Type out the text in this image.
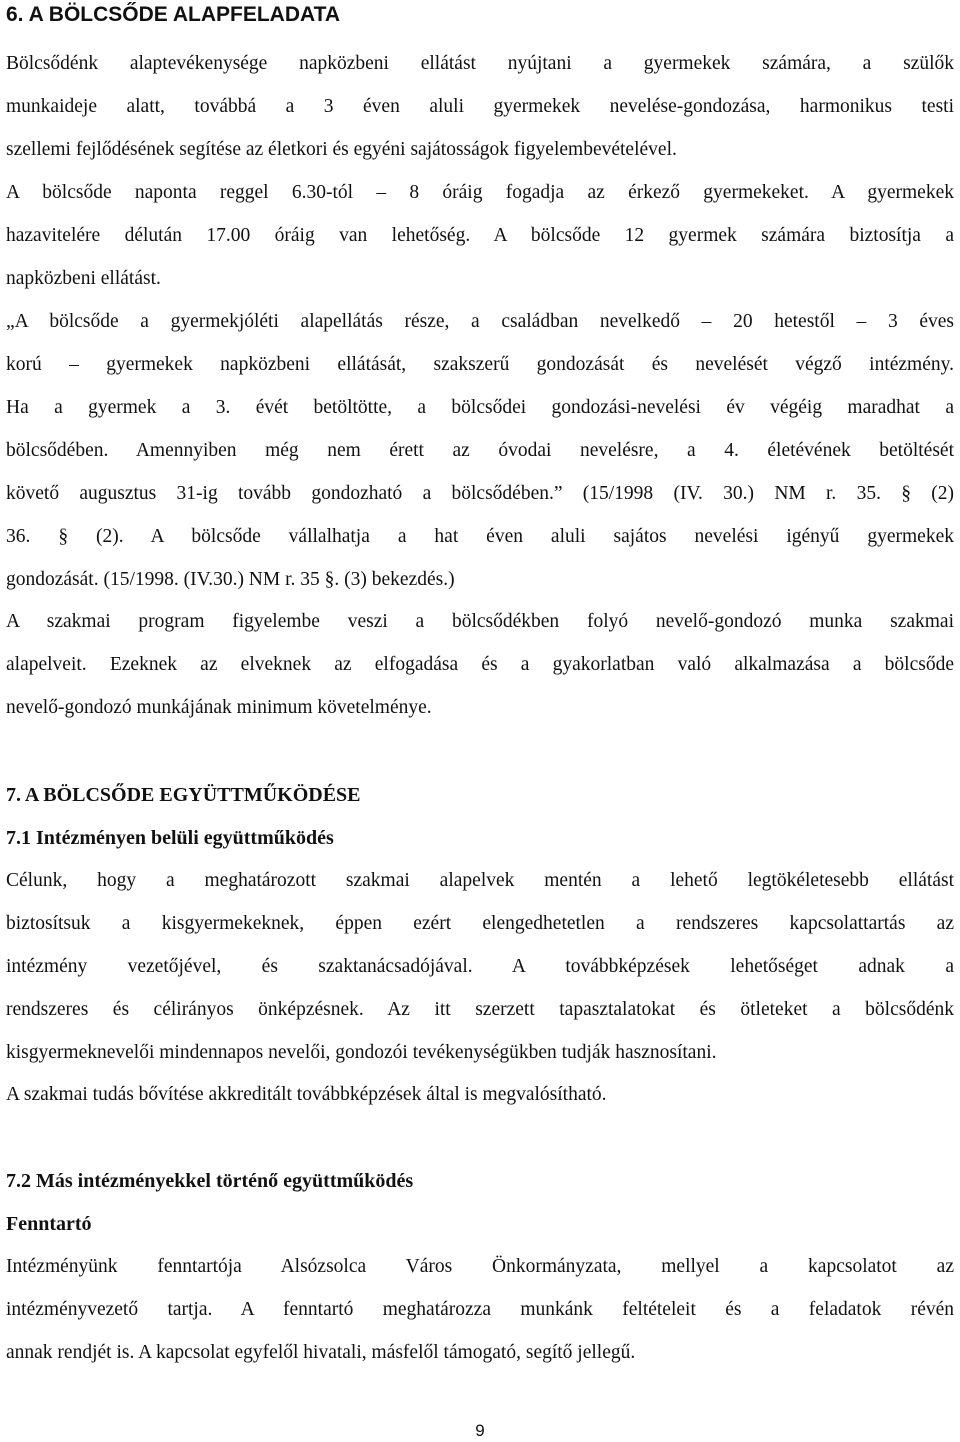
6. A BÖLCSŐDE ALAPFELADATA
Bölcsődénk alaptevékenysége napközbeni ellátást nyújtani a gyermekek számára, a szülők
munkaideje alatt, továbbá a 3 éven aluli gyermekek nevelése-gondozása, harmonikus testi
szellemi fejlődésének segítése az életkori és egyéni sajátosságok figyelembevételével.
A bölcsőde naponta reggel 6.30-tól – 8 óráig fogadja az érkező gyermekeket. A gyermekek
hazavitelére délután 17.00 óráig van lehetőség. A bölcsőde 12 gyermek számára biztosítja a
napközbeni ellátást.
„A bölcsőde a gyermekjóléti alapellátás része, a családban nevelkedő – 20 hetestől – 3 éves
korú – gyermekek napközbeni ellátását, szakszerű gondozását és nevelését végző intézmény.
Ha a gyermek a 3. évét betöltötte, a bölcsődei gondozási-nevelési év végéig maradhat a
bölcsődében. Amennyiben még nem érett az óvodai nevelésre, a 4. életévének betöltését
követő augusztus 31-ig tovább gondozható a bölcsődében.” (15/1998 (IV. 30.) NM r. 35. § (2)
36. § (2). A bölcsőde vállalhatja a hat éven aluli sajátos nevelési igényű gyermekek
gondozását. (15/1998. (IV.30.) NM r. 35 §. (3) bekezdés.)
A szakmai program figyelembe veszi a bölcsődékben folyó nevelő-gondozó munka szakmai
alapelveit. Ezeknek az elveknek az elfogadása és a gyakorlatban való alkalmazása a bölcsőde
nevelő-gondozó munkájának minimum követelménye.
7. A BÖLCSŐDE EGYÜTTMŰKÖDÉSE
7.1 Intézményen belüli együttműködés
Célunk, hogy a meghatározott szakmai alapelvek mentén a lehető legtökéletesebb ellátást
biztosítsuk a kisgyermekeknek, éppen ezért elengedhetetlen a rendszeres kapcsolattartás az
intézmény vezetőjével, és szaktanácsadójával. A továbbképzések lehetőséget adnak a
rendszeres és célirányos önképzésnek. Az itt szerzett tapasztalatokat és ötleteket a bölcsődénk
kisgyermeknevelői mindennapos nevelői, gondozói tevékenységükben tudják hasznosítani.
A szakmai tudás bővítése akkreditált továbbképzések által is megvalósítható.
7.2 Más intézményekkel történő együttműködés
Fenntartó
Intézményünk fenntartója Alsózsolca Város Önkormányzata, mellyel a kapcsolatot az
intézményvezető tartja. A fenntartó meghatározza munkánk feltételeit és a feladatok révén
annak rendjét is. A kapcsolat egyfelől hivatali, másfelől támogató, segítő jellegű.
9
